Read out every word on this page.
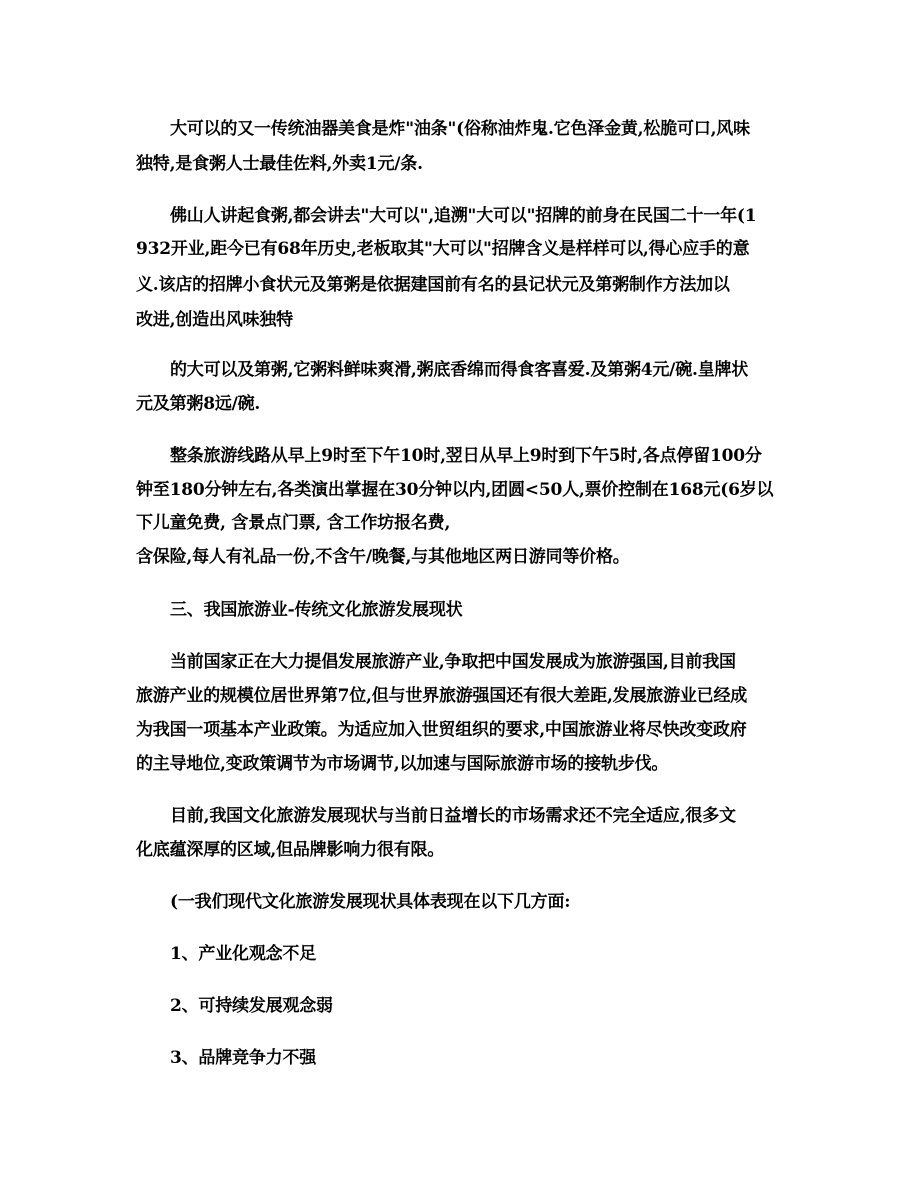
大可以的又一传统油器美食是炸"油条"(俗称油炸鬼.它色泽金黄,松脆可口,风味
独特,是食粥人士最佳佐料,外卖1元/条.
佛山人讲起食粥,都会讲去"大可以",追溯"大可以"招牌的前身在民国二十一年(1
932开业,距今已有68年历史,老板取其"大可以"招牌含义是样样可以,得心应手的意
义.该店的招牌小食状元及第粥是依据建国前有名的县记状元及第粥制作方法加以
改进,创造出风味独特
的大可以及第粥,它粥料鲜味爽滑,粥底香绵而得食客喜爱.及第粥4元/碗.皇牌状
元及第粥8远/碗.
整条旅游线路从早上9时至下午10时,翌日从早上9时到下午5时,各点停留100分
钟至180分钟左右,各类演出掌握在30分钟以内,团圆<50人,票价控制在168元(6岁以
下儿童免费, 含景点门票, 含工作坊报名费,
含保险,每人有礼品一份,不含午/晚餐,与其他地区两日游同等价格。
三、我国旅游业-传统文化旅游发展现状
当前国家正在大力提倡发展旅游产业,争取把中国发展成为旅游强国,目前我国
旅游产业的规模位居世界第7位,但与世界旅游强国还有很大差距,发展旅游业已经成
为我国一项基本产业政策。为适应加入世贸组织的要求,中国旅游业将尽快改变政府
的主导地位,变政策调节为市场调节,以加速与国际旅游市场的接轨步伐。
目前,我国文化旅游发展现状与当前日益增长的市场需求还不完全适应,很多文
化底蕴深厚的区域,但品牌影响力很有限。
(一我们现代文化旅游发展现状具体表现在以下几方面:
1、产业化观念不足
2、可持续发展观念弱
3、品牌竞争力不强
